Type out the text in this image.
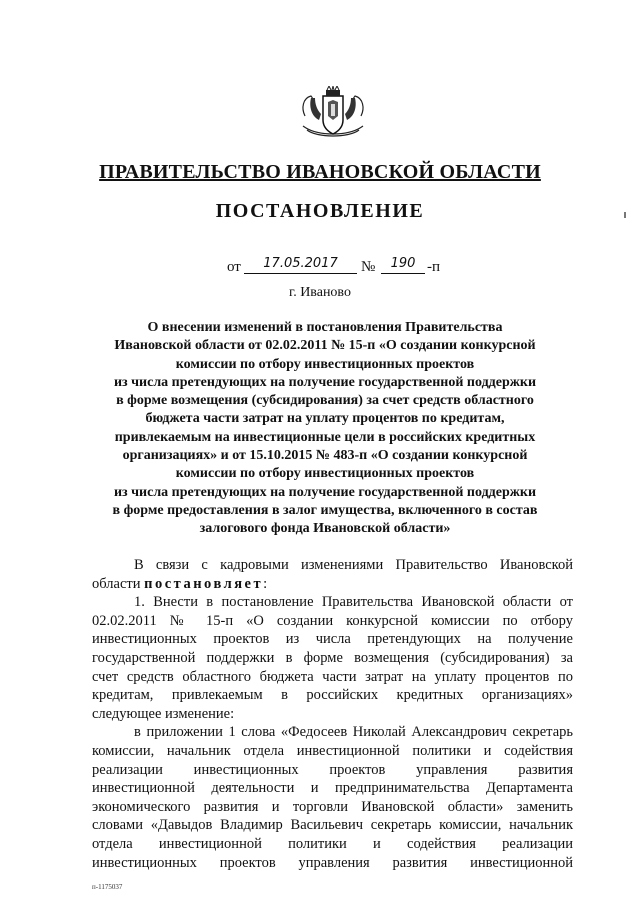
ПРАВИТЕЛЬСТВО ИВАНОВСКОЙ ОБЛАСТИ
ПОСТАНОВЛЕНИЕ
от	17.05.2017	№	190 -п
г. Иваново
О внесении изменений в постановления Правительства
Ивановской области от 02.02.2011 № 15-п «О создании конкурсной
комиссии по отбору инвестиционных проектов
из числа претендующих на получение государственной поддержки
в форме возмещения (субсидирования) за счет средств областного
бюджета части затрат на уплату процентов по кредитам,
привлекаемым на инвестиционные цели в российских кредитных
организациях» и от 15.10.2015 № 483-п «О создании конкурсной
комиссии по отбору инвестиционных проектов
из числа претендующих на получение государственной поддержки
в форме предоставления в залог имущества, включенного в состав
залогового фонда Ивановской области»
В связи с кадровыми изменениями Правительство Ивановской
области постановляет:
1. Внести в постановление Правительства Ивановской области от
02.02.2011 № 15-п «О создании конкурсной комиссии по отбору
инвестиционных проектов из числа претендующих на получение
государственной поддержки в форме возмещения (субсидирования) за
счет средств областного бюджета части затрат на уплату процентов по
кредитам, привлекаемым в российских кредитных организациях»
следующее изменение:
в приложении 1 слова «Федосеев Николай Александрович секретарь
комиссии, начальник отдела инвестиционной политики и содействия
реализации инвестиционных проектов управления развития
инвестиционной деятельности и предпринимательства Департамента
экономического развития и торговли Ивановской области» заменить
словами «Давыдов Владимир Васильевич секретарь комиссии, начальник
отдела инвестиционной политики и содействия реализации
инвестиционных проектов управления развития инвестиционной
п-1175037
